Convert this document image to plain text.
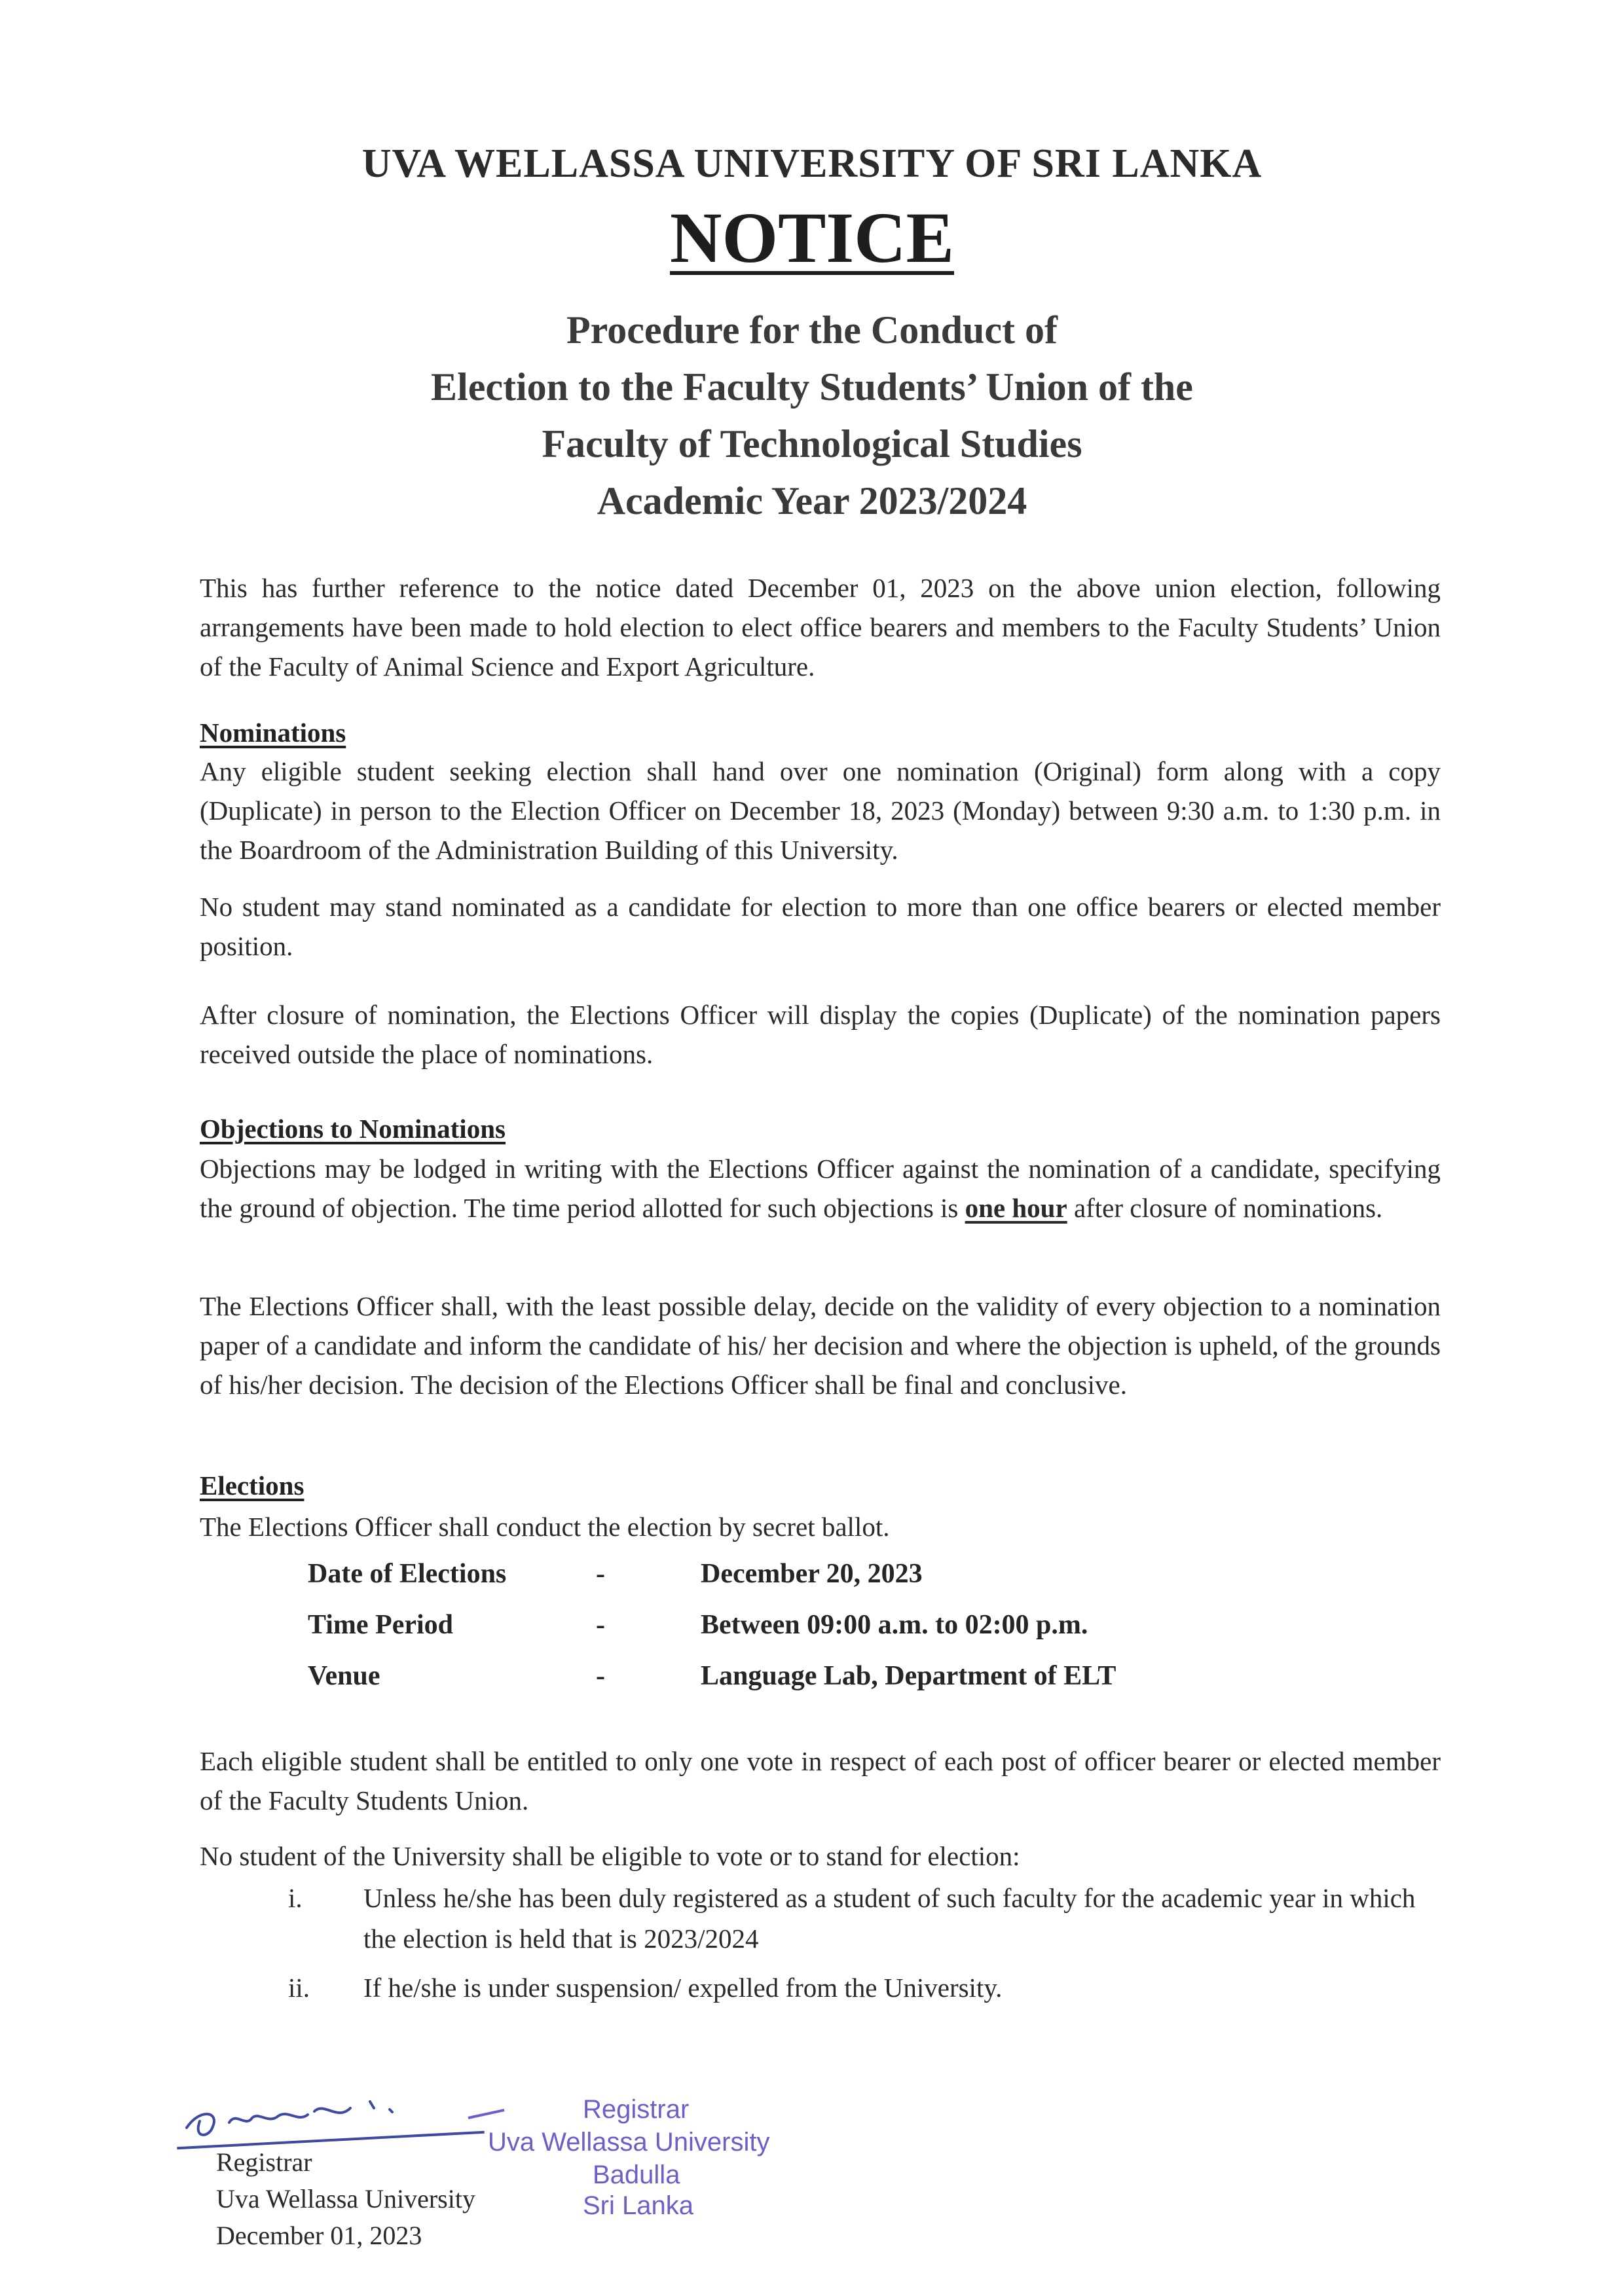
UVA WELLASSA UNIVERSITY OF SRI LANKA
NOTICE
Procedure for the Conduct of
Election to the Faculty Students’ Union of the
Faculty of Technological Studies
Academic Year 2023/2024
This has further reference to the notice dated December 01, 2023 on the above union election, following arrangements have been made to hold election to elect office bearers and members to the Faculty Students’ Union of the Faculty of Animal Science and Export Agriculture.
Nominations
Any eligible student seeking election shall hand over one nomination (Original) form along with a copy (Duplicate) in person to the Election Officer on December 18, 2023 (Monday) between 9:30 a.m. to 1:30 p.m. in the Boardroom of the Administration Building of this University.
No student may stand nominated as a candidate for election to more than one office bearers or elected member position.
After closure of nomination, the Elections Officer will display the copies (Duplicate) of the nomination papers received outside the place of nominations.
Objections to Nominations
Objections may be lodged in writing with the Elections Officer against the nomination of a candidate, specifying the ground of objection. The time period allotted for such objections is one hour after closure of nominations.
The Elections Officer shall, with the least possible delay, decide on the validity of every objection to a nomination paper of a candidate and inform the candidate of his/ her decision and where the objection is upheld, of the grounds of his/her decision. The decision of the Elections Officer shall be final and conclusive.
Elections
The Elections Officer shall conduct the election by secret ballot.
Date of Elections	-	December 20, 2023
Time Period	-	Between 09:00 a.m. to 02:00 p.m.
Venue	-	Language Lab, Department of ELT
Each eligible student shall be entitled to only one vote in respect of each post of officer bearer or elected member of the Faculty Students Union.
No student of the University shall be eligible to vote or to stand for election:
i.	Unless he/she has been duly registered as a student of such faculty for the academic year in which the election is held that is 2023/2024
ii.	If he/she is under suspension/ expelled from the University.
Registrar
Uva Wellassa University
December 01, 2023
Registrar
Uva Wellassa University
Badulla
Sri Lanka
